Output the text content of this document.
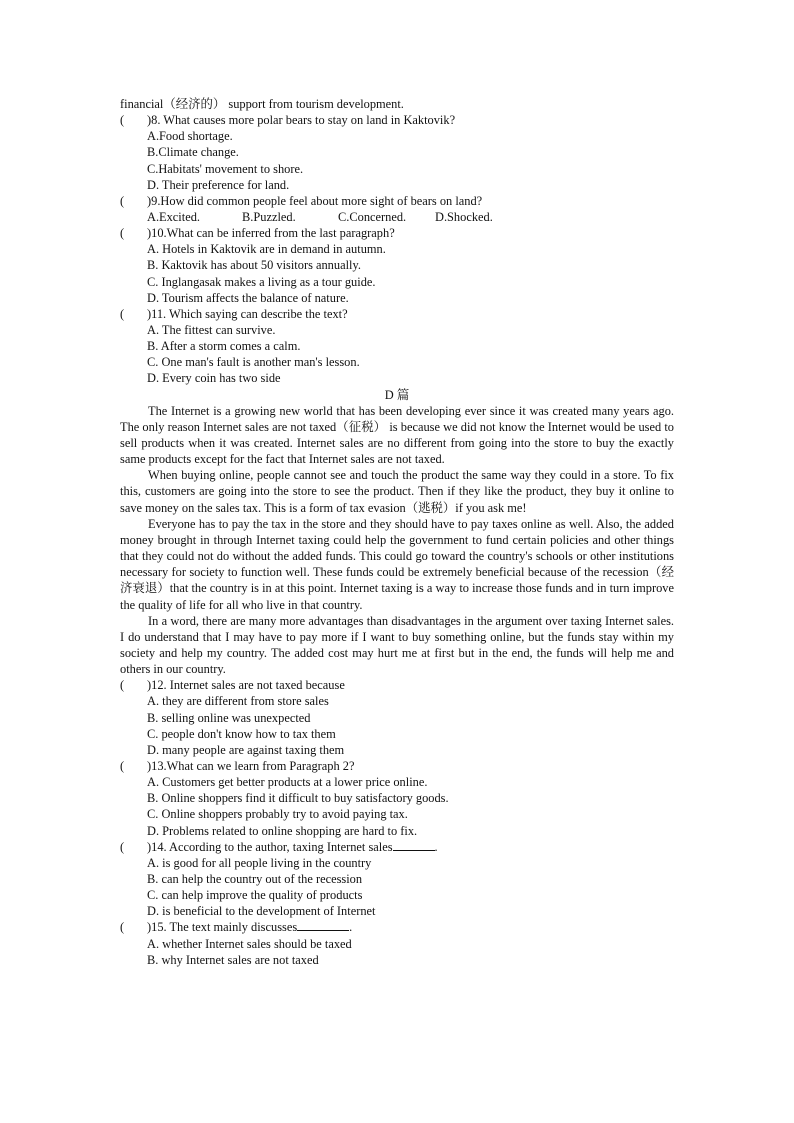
financial（经济的） support from tourism development.
( )8. What causes more polar bears to stay on land in Kaktovik?
A.Food shortage.
B.Climate change.
C.Habitats' movement to shore.
D. Their preference for land.
( )9.How did common people feel about more sight of bears on land?
A.Excited.	B.Puzzled.	C.Concerned. D.Shocked.
( )10.What can be inferred from the last paragraph?
A. Hotels in Kaktovik are in demand in autumn.
B. Kaktovik has about 50 visitors annually.
C. Inglangasak makes a living as a tour guide.
D. Tourism affects the balance of nature.
( )11. Which saying can describe the text?
A. The fittest can survive.
B. After a storm comes a calm.
C. One man's fault is another man's lesson.
D. Every coin has two side
D 篇

The Internet is a growing new world that has been developing ever since it was created many years ago. The only reason Internet sales are not taxed（征税） is because we did not know the Internet would be used to sell products when it was created. Internet sales are no different from going into the store to buy the exactly same products except for the fact that Internet sales are not taxed.

When buying online, people cannot see and touch the product the same way they could in a store. To fix this, customers are going into the store to see the product. Then if they like the product, they buy it online to save money on the sales tax. This is a form of tax evasion（逃税）if you ask me!

Everyone has to pay the tax in the store and they should have to pay taxes online as well. Also, the added money brought in through Internet taxing could help the government to fund certain policies and other things that they could not do without the added funds. This could go toward the country's schools or other institutions necessary for society to function well. These funds could be extremely beneficial because of the recession（经济衰退）that the country is in at this point. Internet taxing is a way to increase those funds and in turn improve the quality of life for all who live in that country.

In a word, there are many more advantages than disadvantages in the argument over taxing Internet sales. I do understand that I may have to pay more if I want to buy something online, but the funds stay within my society and help my country. The added cost may hurt me at first but in the end, the funds will help me and others in our country.

( )12. Internet sales are not taxed because
A. they are different from store sales
B. selling online was unexpected
C. people don't know how to tax them
D. many people are against taxing them
( )13.What can we learn from Paragraph 2?
A. Customers get better products at a lower price online.
B. Online shoppers find it difficult to buy satisfactory goods.
C. Online shoppers probably try to avoid paying tax.
D. Problems related to online shopping are hard to fix.
( )14. According to the author, taxing Internet sales	.
A. is good for all people living in the country
B. can help the country out of the recession
C. can help improve the quality of products
D. is beneficial to the development of Internet
( )15. The text mainly discusses	.
A. whether Internet sales should be taxed
B. why Internet sales are not taxed
